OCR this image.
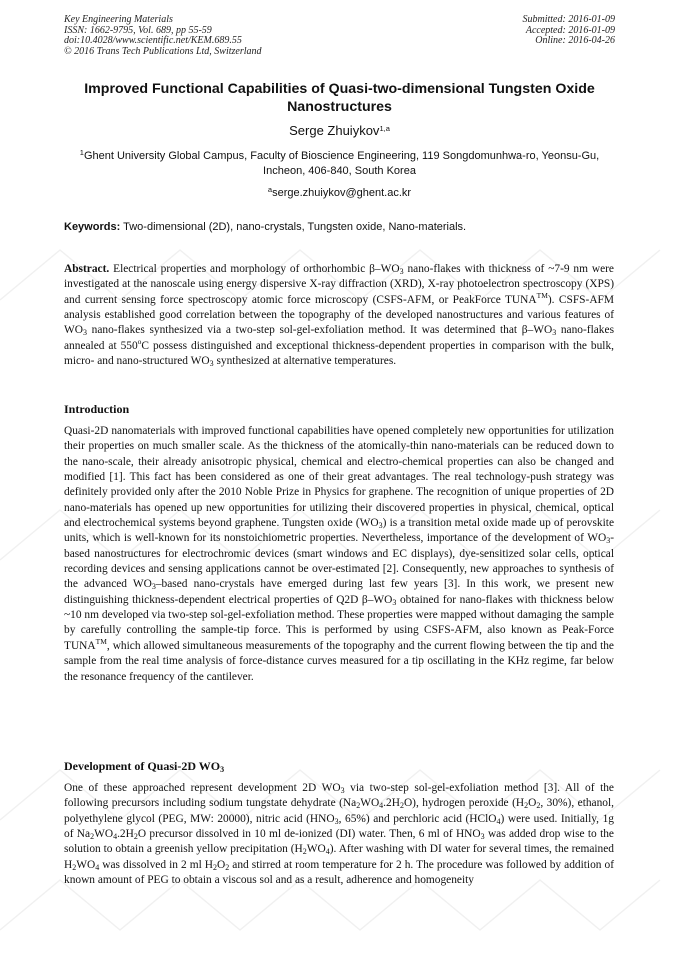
Key Engineering Materials
ISSN: 1662-9795, Vol. 689, pp 55-59
doi:10.4028/www.scientific.net/KEM.689.55
© 2016 Trans Tech Publications Ltd, Switzerland
Submitted: 2016-01-09
Accepted: 2016-01-09
Online: 2016-04-26
Improved Functional Capabilities of Quasi-two-dimensional Tungsten Oxide Nanostructures
Serge Zhuiykov$^{1,a}$
$^1$Ghent University Global Campus, Faculty of Bioscience Engineering, 119 Songdomunhwa-ro, Yeonsu-Gu, Incheon, 406-840, South Korea
$^a$serge.zhuiykov@ghent.ac.kr
Keywords: Two-dimensional (2D), nano-crystals, Tungsten oxide, Nano-materials.

Abstract. Electrical properties and morphology of orthorhombic $\beta-WO_3$ nano-flakes with thickness of ~7-9 nm were investigated at the nanoscale using energy dispersive X-ray diffraction (XRD), X-ray photoelectron spectroscopy (XPS) and current sensing force spectroscopy atomic force microscopy (CSFS-AFM, or PeakForce TUNA™). CSFS-AFM analysis established good correlation between the topography of the developed nanostructures and various features of $WO_3$ nano-flakes synthesized via a two-step sol-gel-exfoliation method. It was determined that $\beta-WO_3$ nano-flakes annealed at 550$^o$C possess distinguished and exceptional thickness-dependent properties in comparison with the bulk, micro- and nano-structured $WO_3$ synthesized at alternative temperatures.

Introduction

Quasi-2D nanomaterials with improved functional capabilities have opened completely new opportunities for utilization their properties on much smaller scale. As the thickness of the atomically-thin nano-materials can be reduced down to the nano-scale, their already anisotropic physical, chemical and electro-chemical properties can also be changed and modified [1]. This fact has been considered as one of their great advantages. The real technology-push strategy was definitely provided only after the 2010 Noble Prize in Physics for graphene. The recognition of unique properties of 2D nano-materials has opened up new opportunities for utilizing their discovered properties in physical, chemical, optical and electrochemical systems beyond graphene. Tungsten oxide $(WO_3)$ is a transition metal oxide made up of perovskite units, which is well-known for its nonstoichiometric properties. Nevertheless, importance of the development of $WO_3$-based nanostructures for electrochromic devices (smart windows and EC displays), dye-sensitized solar cells, optical recording devices and sensing applications cannot be over-estimated [2]. Consequently, new approaches to synthesis of the advanced $WO_3$–based nano-crystals have emerged during last few years [3]. In this work, we present new distinguishing thickness-dependent electrical properties of Q2D $\beta-WO_3$ obtained for nano-flakes with thickness below ~10 nm developed via two-step sol-gel-exfoliation method. These properties were mapped without damaging the sample by carefully controlling the sample-tip force. This is performed by using CSFS-AFM, also known as Peak-Force TUNA™, which allowed simultaneous measurements of the topography and the current flowing between the tip and the sample from the real time analysis of force-distance curves measured for a tip oscillating in the KHz regime, far below the resonance frequency of the cantilever.

Development of Quasi-2D $WO_3$

One of these approached represent development 2D $WO_3$ via two-step sol-gel-exfoliation method [3]. All of the following precursors including sodium tungstate dehydrate $(Na_2WO_4.2H_2O)$, hydrogen peroxide ($H_2O_2$, 30%), ethanol, polyethylene glycol (PEG, MW: 20000), nitric acid ($HNO_3$, 65%) and perchloric acid (HClO$_4$) were used. Initially, 1g of $Na_2WO_4.2H_2O$ precursor dissolved in 10 ml de-ionized (DI) water. Then, 6 ml of $HNO_3$ was added drop wise to the solution to obtain a greenish yellow precipitation $(H_2WO_4)$. After washing with DI water for several times, the remained $H_2WO_4$ was dissolved in 2 ml $H_2O_2$ and stirred at room temperature for 2 h. The procedure was followed by addition of known amount of PEG to obtain a viscous sol and as a result, adherence and homogeneity
